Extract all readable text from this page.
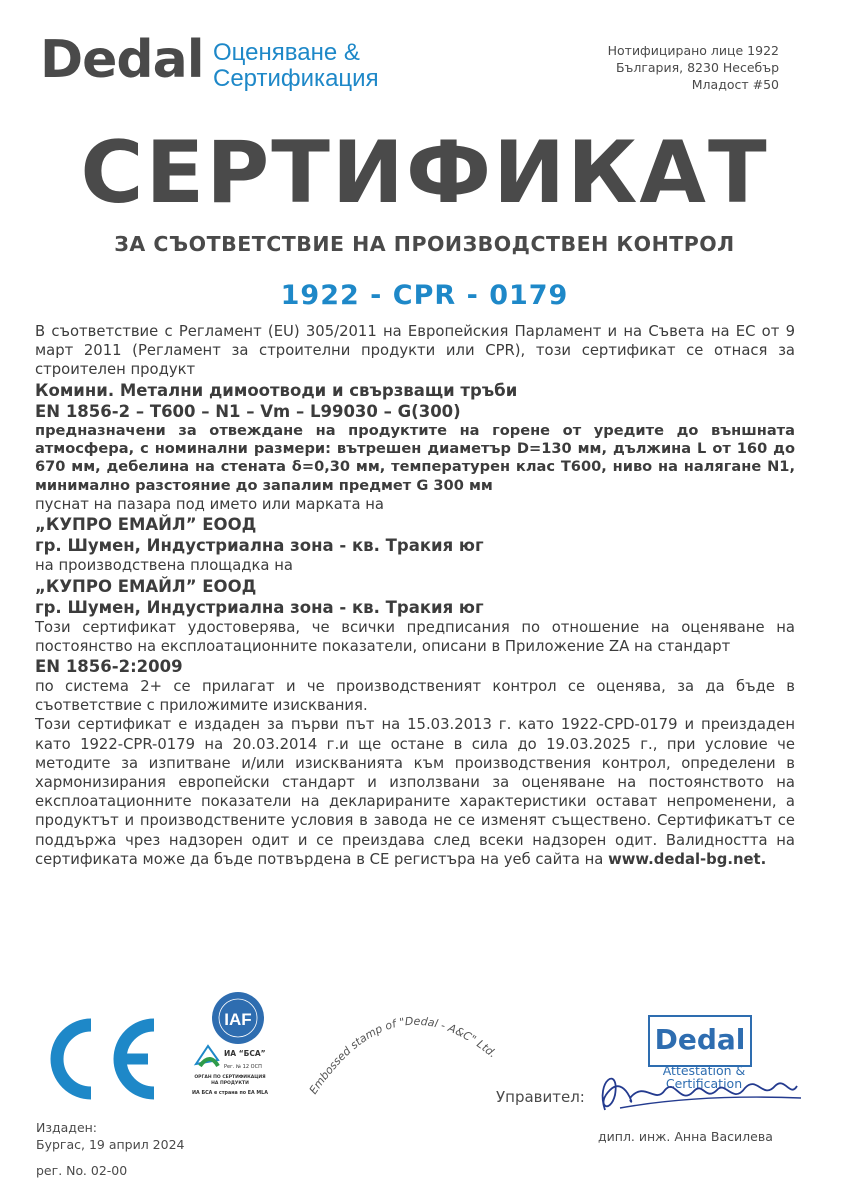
Dedal Оценяване &
Сертификация
Нотифицирано лице 1922
България, 8230 Несебър
Младост #50
СЕРТИФИКАТ
ЗА СЪОТВЕТСТВИЕ НА ПРОИЗВОДСТВЕН КОНТРОЛ
1922 - CPR - 0179

В съответствие с Регламент (EU) 305/2011 на Европейския Парламент и на Съвета на ЕС от 9 март 2011 (Регламент за строителни продукти или CPR), този сертификат се отнася за строителен продукт

Комини. Метални димоотводи и свързващи тръби

EN 1856-2 – T600 – N1 – Vm – L99030 – G(300)

предназначени за отвеждане на продуктите на горене от уредите до външната атмосфера, с номинални размери: вътрешен диаметър D=130 мм, дължина L от 160 до 670 мм, дебелина на стената δ=0,30 мм, температурен клас T600, ниво на налягане N1, минимално разстояние до запалим предмет G 300 мм

пуснат на пазара под името или марката на

„КУПРО ЕМАЙЛ” ЕООД

гр. Шумен, Индустриална зона - кв. Тракия юг

на производствена площадка на

„КУПРО ЕМАЙЛ” ЕООД

гр. Шумен, Индустриална зона - кв. Тракия юг

Този сертификат удостоверява, че всички предписания по отношение на оценяване на постоянство на експлоатационните показатели, описани в Приложение ZA на стандарт

EN 1856-2:2009

по система 2+ се прилагат и че производственият контрол се оценява, за да бъде в съответствие с приложимите изисквания.

Този сертификат е издаден за първи път на 15.03.2013 г. като 1922-CPD-0179 и преиздаден като 1922-CPR-0179 на 20.03.2014 г.и ще остане в сила до 19.03.2025 г., при условие че методите за изпитване и/или изискванията към производствения контрол, определени в хармонизирания европейски стандарт и използвани за оценяване на постоянството на експлоатационните показатели на декларираните характеристики остават непроменени, а продуктът и производствените условия в завода не се изменят съществено. Сертификатът се поддържа чрез надзорен одит и се преиздава след всеки надзорен одит. Валидността на сертификата може да бъде потвърдена в CE регистъра на уеб сайта на www.dedal-bg.net.

IAF
ИА “БСА”
Рег. № 12 ОСП
ОРГАН ПО СЕРТИФИКАЦИЯ
НА ПРОДУКТИ
ИА БСА е страна по EA MLA	Embossed stamp of "Dedal - A&C" Ltd.	Dedal
Attestation &
Certification
Управител:
дипл. инж. Анна Василева
Издаден:
Бургас, 19 април 2024
рег. No. 02-00
